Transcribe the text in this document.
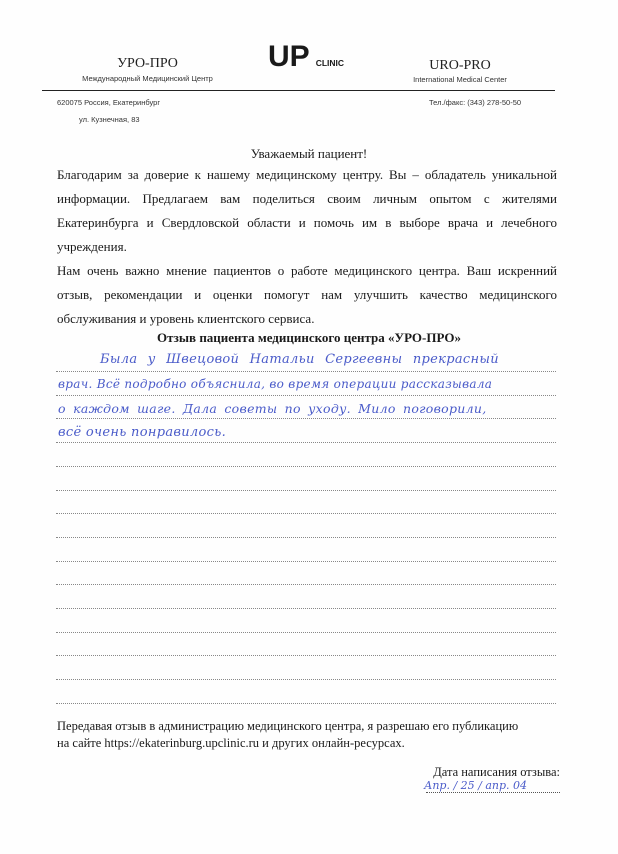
УРО-ПРО
Международный Медицинский Центр
UP CLINIC	URO-PRO
International Medical Center
620075 Россия, Екатеринбург
ул. Кузнечная, 83
Тел./факс: (343) 278-50-50
Уважаемый пациент!
Благодарим за доверие к нашему медицинскому центру. Вы – обладатель уникальной
информации. Предлагаем вам поделиться своим личным опытом с жителями
Екатеринбурга и Свердловской области и помочь им в выборе врача и лечебного
учреждения.
Нам очень важно мнение пациентов о работе медицинского центра. Ваш искренний
отзыв, рекомендации и оценки помогут нам улучшить качество медицинского
обслуживания и уровень клиентского сервиса.
Отзыв пациента медицинского центра «УРО-ПРО»
Была у Швецовой Натальи Сергеевны прекрасный
врач. Всё подробно объяснила, во время операции рассказывала
о каждом шаге. Дала советы по уходу. Мило поговорили,
всё очень понравилось.
Передавая отзыв в администрацию медицинского центра, я разрешаю его публикацию
на сайте https://ekaterinburg.upclinic.ru и других онлайн-ресурсах.
Дата написания отзыва:
Апр. / 25 / апр. 04
